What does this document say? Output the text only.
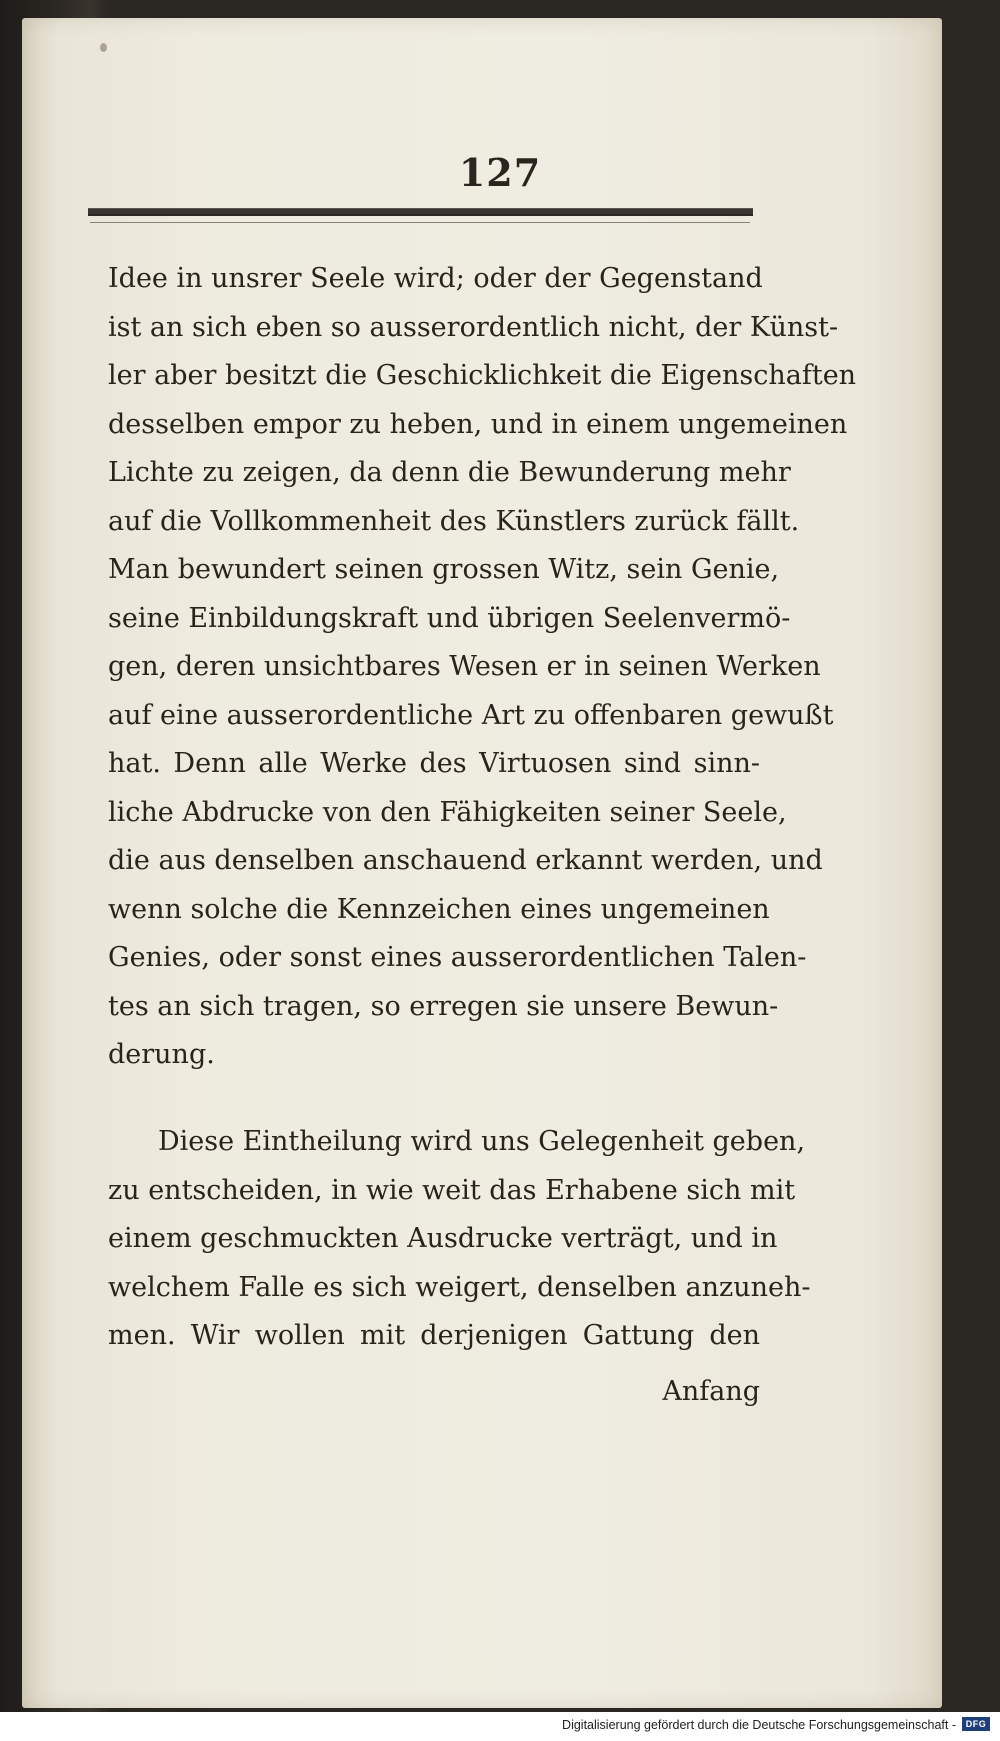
127
Idee in unsrer Seele wird; oder der Gegenstand
ist an sich eben so ausserordentlich nicht, der Künst-
ler aber besitzt die Geschicklichkeit die Eigenschaften
desselben empor zu heben, und in einem ungemeinen
Lichte zu zeigen, da denn die Bewunderung mehr
auf die Vollkommenheit des Künstlers zurück fällt.
Man bewundert seinen grossen Witz, sein Genie,
seine Einbildungskraft und übrigen Seelenvermö-
gen, deren unsichtbares Wesen er in seinen Werken
auf eine ausserordentliche Art zu offenbaren gewußt
hat. Denn alle Werke des Virtuosen sind sinn-
liche Abdrucke von den Fähigkeiten seiner Seele,
die aus denselben anschauend erkannt werden, und
wenn solche die Kennzeichen eines ungemeinen
Genies, oder sonst eines ausserordentlichen Talen-
tes an sich tragen, so erregen sie unsere Bewun-
derung.
Diese Eintheilung wird uns Gelegenheit geben,
zu entscheiden, in wie weit das Erhabene sich mit
einem geschmuckten Ausdrucke verträgt, und in
welchem Falle es sich weigert, denselben anzuneh-
men. Wir wollen mit derjenigen Gattung den
Anfang
Digitalisierung gefördert durch die Deutsche Forschungsgemeinschaft -	DFG
